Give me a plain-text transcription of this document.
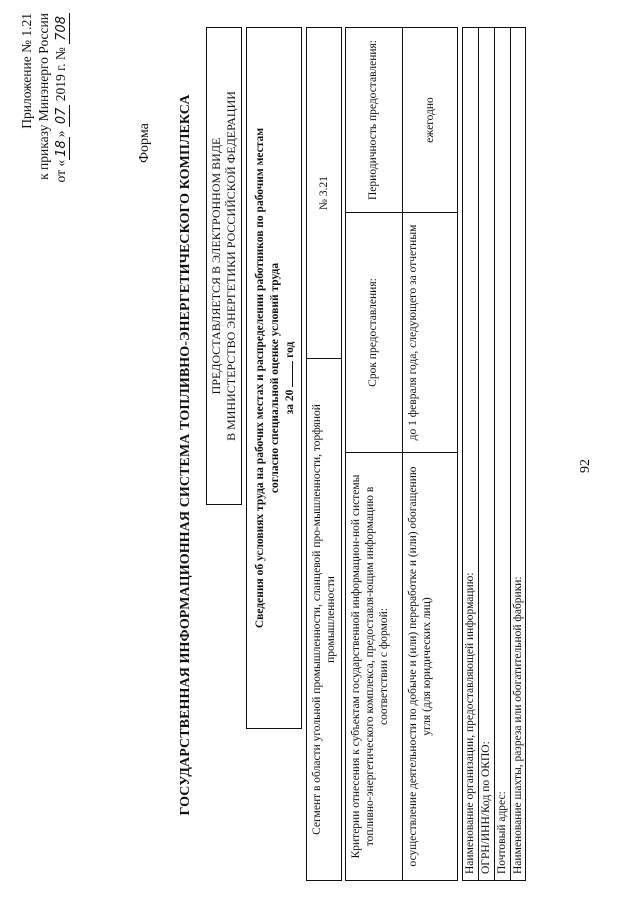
92
Приложение № 1.21 к приказу Минэнерго России от «18» 07 2019 г. № 708
Форма ГОСУДАРСТВЕННАЯ ИНФОРМАЦИОННАЯ СИСТЕМА ТОПЛИВНО-ЭНЕРГЕТИЧЕСКОГО КОМПЛЕКСА ПРЕДОСТАВЛЯЕТСЯ В ЭЛЕКТРОННОМ ВИДЕ В МИНИСТЕРСТВО ЭНЕРГЕТИКИ РОССИЙСКОЙ ФЕДЕРАЦИИ Сведения об условиях труда на рабочих местах и распределении работников по рабочим местам согласно специальной оценке условий труда за 20  год
Сегмент в области угольной промышленности, сланцевой про-мышленности, торфяной промышленности
№ 3.21
Критерии отнесения к субъектам государственной информацион-ной системы топливно-энергетического комплекса, предоставля-ющим информацию в соответствии с формой:
Срок предоставления:
Периодичность предоставления:
осуществление деятельности по добыче и (или) переработке и (или) обогащению угля (для юридических лиц)
до 1 февраля года, следующего за отчетным
ежегодно
Наименование организации, предоставляющей информацию: ОГРН/ИНН/Код по ОКПО: Почтовый адрес: Наименование шахты, разреза или обогатительной фабрики:
